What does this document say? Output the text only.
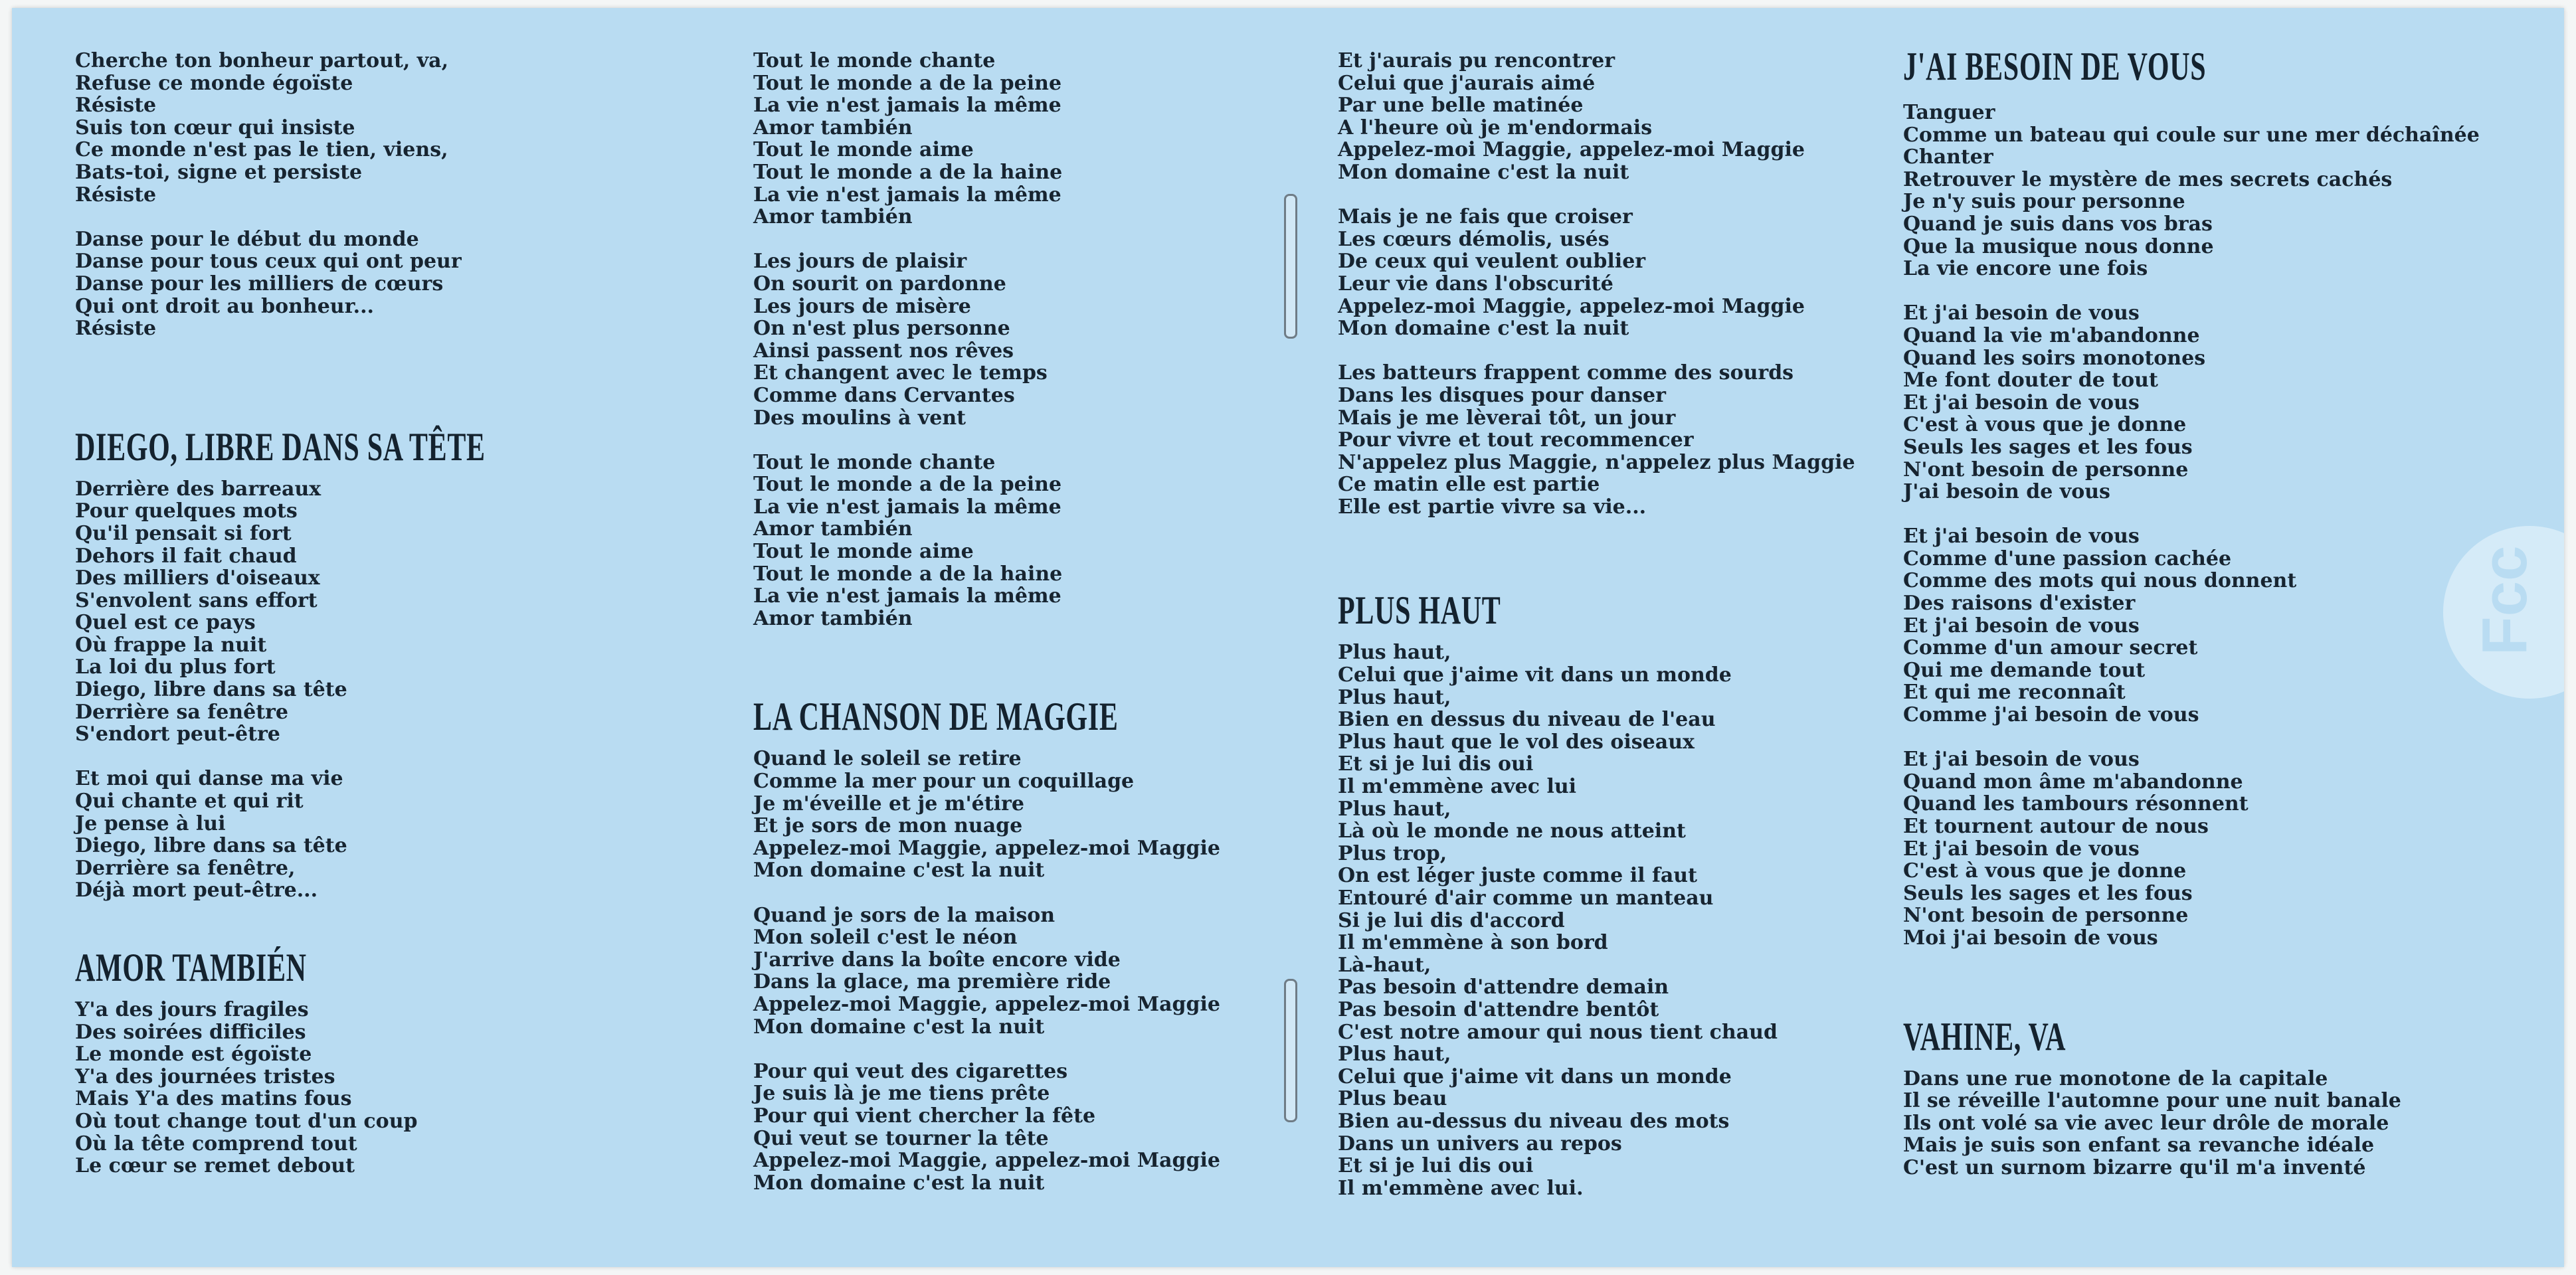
Cherche ton bonheur partout, va,

Refuse ce monde égoïste

Résiste

Suis ton cœur qui insiste

Ce monde n'est pas le tien, viens,

Bats-toi, signe et persiste

Résiste

Danse pour le début du monde

Danse pour tous ceux qui ont peur

Danse pour les milliers de cœurs

Qui ont droit au bonheur...

Résiste

DIEGO, LIBRE DANS SA TÊTE

Derrière des barreaux

Pour quelques mots

Qu'il pensait si fort

Dehors il fait chaud

Des milliers d'oiseaux

S'envolent sans effort

Quel est ce pays

Où frappe la nuit

La loi du plus fort

Diego, libre dans sa tête

Derrière sa fenêtre

S'endort peut-être

Et moi qui danse ma vie

Qui chante et qui rit

Je pense à lui

Diego, libre dans sa tête

Derrière sa fenêtre,

Déjà mort peut-être...

AMOR TAMBIÉN

Y'a des jours fragiles

Des soirées difficiles

Le monde est égoïste

Y'a des journées tristes

Mais Y'a des matins fous

Où tout change tout d'un coup

Où la tête comprend tout

Le cœur se remet debout

Tout le monde chante

Tout le monde a de la peine

La vie n'est jamais la même

Amor también

Tout le monde aime

Tout le monde a de la haine

La vie n'est jamais la même

Amor también

Les jours de plaisir

On sourit on pardonne

Les jours de misère

On n'est plus personne

Ainsi passent nos rêves

Et changent avec le temps

Comme dans Cervantes

Des moulins à vent

Tout le monde chante

Tout le monde a de la peine

La vie n'est jamais la même

Amor también

Tout le monde aime

Tout le monde a de la haine

La vie n'est jamais la même

Amor también

LA CHANSON DE MAGGIE

Quand le soleil se retire

Comme la mer pour un coquillage

Je m'éveille et je m'étire

Et je sors de mon nuage

Appelez-moi Maggie, appelez-moi Maggie

Mon domaine c'est la nuit

Quand je sors de la maison

Mon soleil c'est le néon

J'arrive dans la boîte encore vide

Dans la glace, ma première ride

Appelez-moi Maggie, appelez-moi Maggie

Mon domaine c'est la nuit

Pour qui veut des cigarettes

Je suis là je me tiens prête

Pour qui vient chercher la fête

Qui veut se tourner la tête

Appelez-moi Maggie, appelez-moi Maggie

Mon domaine c'est la nuit

Et j'aurais pu rencontrer

Celui que j'aurais aimé

Par une belle matinée

A l'heure où je m'endormais

Appelez-moi Maggie, appelez-moi Maggie

Mon domaine c'est la nuit

Mais je ne fais que croiser

Les cœurs démolis, usés

De ceux qui veulent oublier

Leur vie dans l'obscurité

Appelez-moi Maggie, appelez-moi Maggie

Mon domaine c'est la nuit

Les batteurs frappent comme des sourds

Dans les disques pour danser

Mais je me lèverai tôt, un jour

Pour vivre et tout recommencer

N'appelez plus Maggie, n'appelez plus Maggie

Ce matin elle est partie

Elle est partie vivre sa vie...

PLUS HAUT

Plus haut,

Celui que j'aime vit dans un monde

Plus haut,

Bien en dessus du niveau de l'eau

Plus haut que le vol des oiseaux

Et si je lui dis oui

Il m'emmène avec lui

Plus haut,

Là où le monde ne nous atteint

Plus trop,

On est léger juste comme il faut

Entouré d'air comme un manteau

Si je lui dis d'accord

Il m'emmène à son bord

Là-haut,

Pas besoin d'attendre demain

Pas besoin d'attendre bentôt

C'est notre amour qui nous tient chaud

Plus haut,

Celui que j'aime vit dans un monde

Plus beau

Bien au-dessus du niveau des mots

Dans un univers au repos

Et si je lui dis oui

Il m'emmène avec lui.

J'AI BESOIN DE VOUS

Tanguer

Comme un bateau qui coule sur une mer déchaînée

Chanter

Retrouver le mystère de mes secrets cachés

Je n'y suis pour personne

Quand je suis dans vos bras

Que la musique nous donne

La vie encore une fois

Et j'ai besoin de vous

Quand la vie m'abandonne

Quand les soirs monotones

Me font douter de tout

Et j'ai besoin de vous

C'est à vous que je donne

Seuls les sages et les fous

N'ont besoin de personne

J'ai besoin de vous

Et j'ai besoin de vous

Comme d'une passion cachée

Comme des mots qui nous donnent

Des raisons d'exister

Et j'ai besoin de vous

Comme d'un amour secret

Qui me demande tout

Et qui me reconnaît

Comme j'ai besoin de vous

Et j'ai besoin de vous

Quand mon âme m'abandonne

Quand les tambours résonnent

Et tournent autour de nous

Et j'ai besoin de vous

C'est à vous que je donne

Seuls les sages et les fous

N'ont besoin de personne

Moi j'ai besoin de vous

VAHINE, VA

Dans une rue monotone de la capitale

Il se réveille l'automne pour une nuit banale

Ils ont volé sa vie avec leur drôle de morale

Mais je suis son enfant sa revanche idéale

C'est un surnom bizarre qu'il m'a inventé

Fcc
